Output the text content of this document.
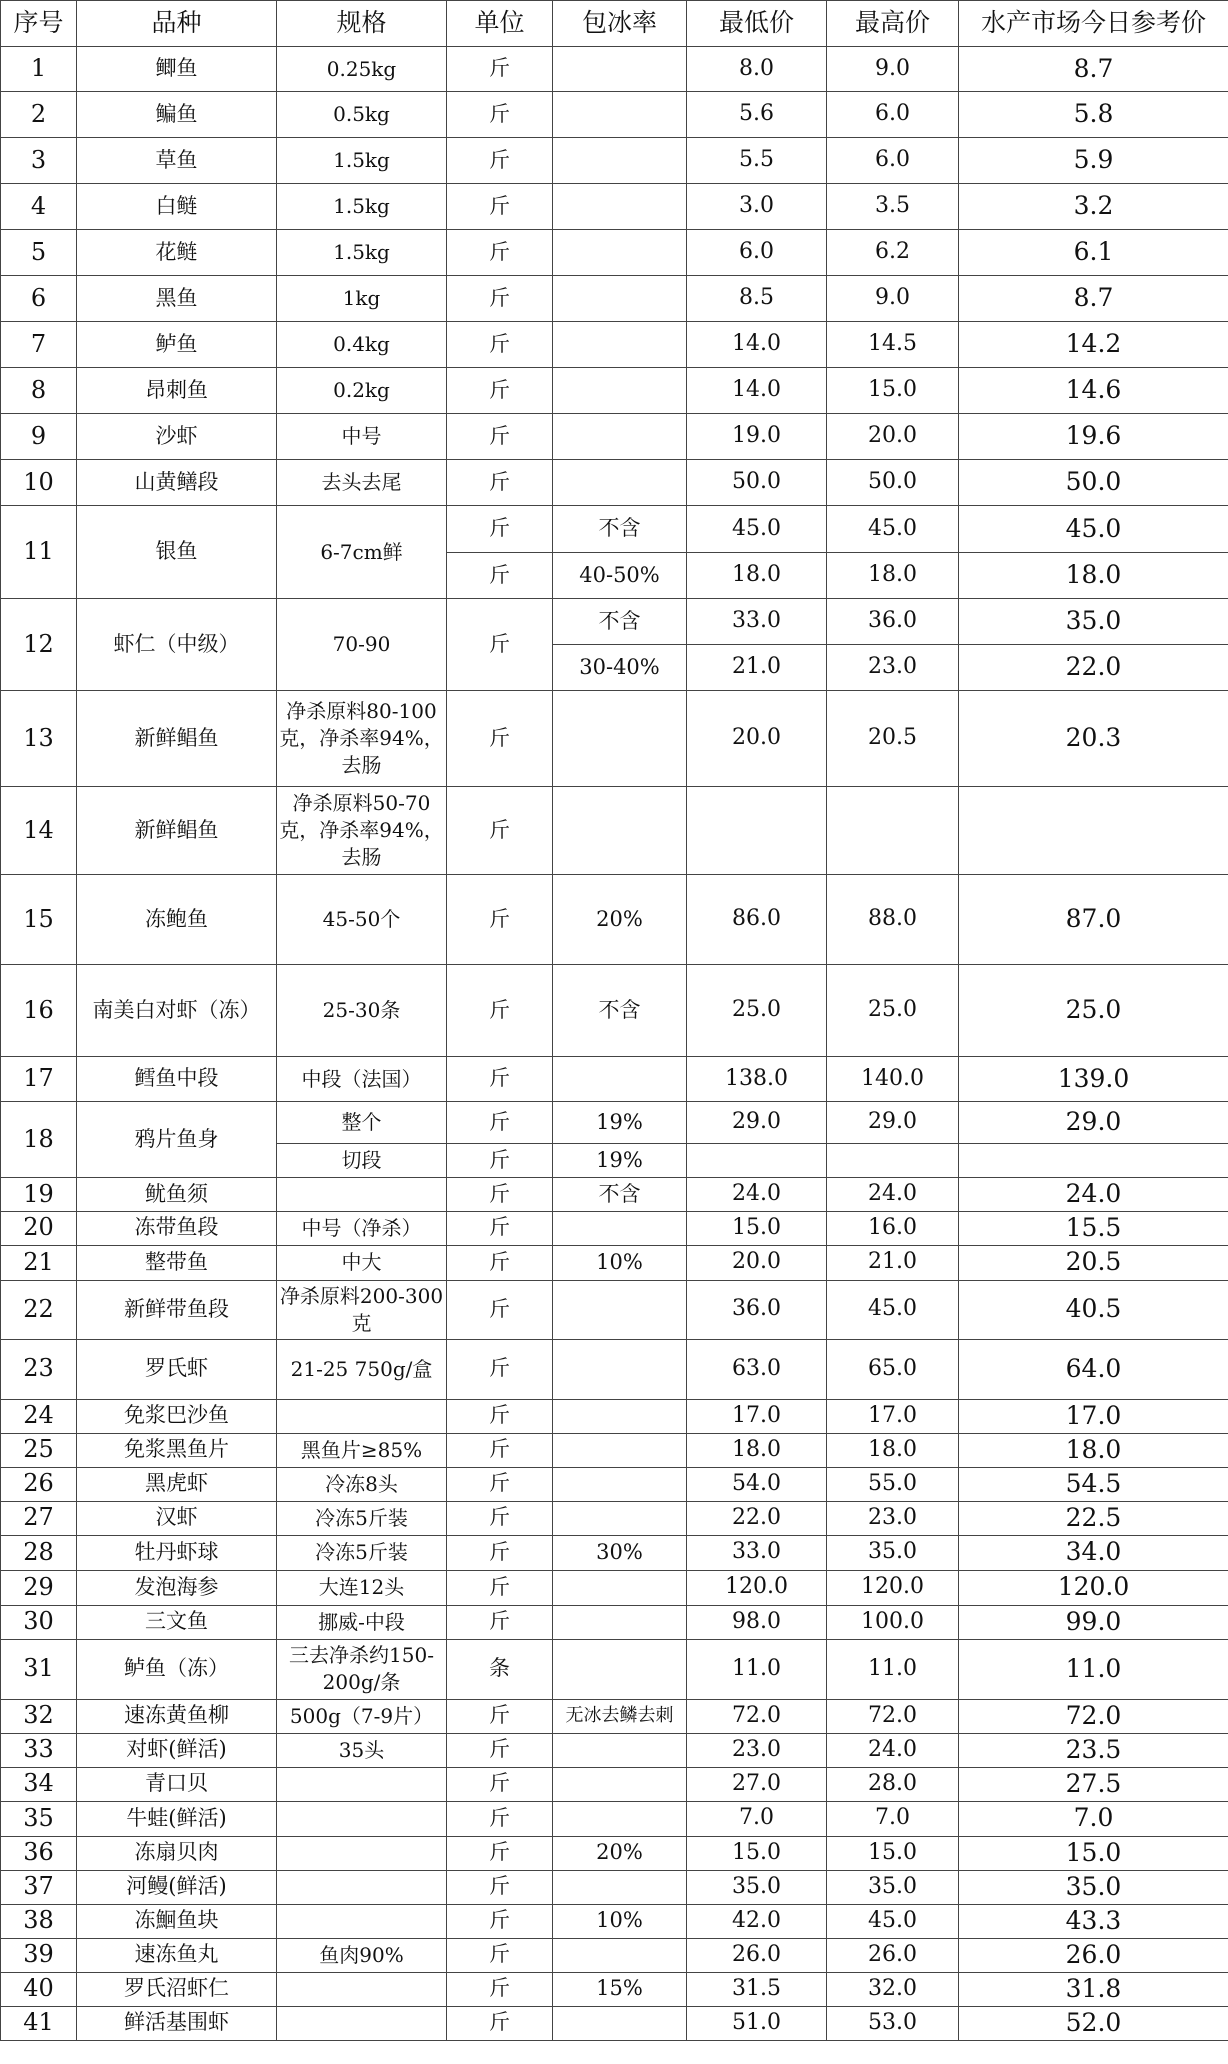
序号	品种	规格	单位	包冰率	最低价	最高价	水产市场今日参考价
1	鲫鱼	0.25kg	斤		8.0	9.0	8.7
2	鳊鱼	0.5kg	斤		5.6	6.0	5.8
3	草鱼	1.5kg	斤		5.5	6.0	5.9
4	白鲢	1.5kg	斤		3.0	3.5	3.2
5	花鲢	1.5kg	斤		6.0	6.2	6.1
6	黑鱼	1kg	斤		8.5	9.0	8.7
7	鲈鱼	0.4kg	斤		14.0	14.5	14.2
8	昂刺鱼	0.2kg	斤		14.0	15.0	14.6
9	沙虾	中号	斤		19.0	20.0	19.6
10	山黄鳝段	去头去尾	斤		50.0	50.0	50.0
11	银鱼	6-7cm鲜	斤	不含	45.0	45.0	45.0
			斤	40-50%	18.0	18.0	18.0
12	虾仁（中级）	70-90	斤	不含	33.0	36.0	35.0
				30-40%	21.0	23.0	22.0
13	新鲜鲳鱼	净杀原料80-100克，净杀率94%，去肠	斤		20.0	20.5	20.3
14	新鲜鲳鱼	净杀原料50-70克，净杀率94%，去肠	斤				
15	冻鲍鱼	45-50个	斤	20%	86.0	88.0	87.0
16	南美白对虾（冻）	25-30条	斤	不含	25.0	25.0	25.0
17	鳕鱼中段	中段（法国）	斤		138.0	140.0	139.0
18	鸦片鱼身	整个	斤	19%	29.0	29.0	29.0
		切段	斤	19%			
19	鱿鱼须		斤	不含	24.0	24.0	24.0
20	冻带鱼段	中号（净杀）	斤		15.0	16.0	15.5
21	整带鱼	中大	斤	10%	20.0	21.0	20.5
22	新鲜带鱼段	净杀原料200-300克	斤		36.0	45.0	40.5
23	罗氏虾	21-25 750g/盒	斤		63.0	65.0	64.0
24	免浆巴沙鱼		斤		17.0	17.0	17.0
25	免浆黑鱼片	黑鱼片≥85%	斤		18.0	18.0	18.0
26	黑虎虾	冷冻8头	斤		54.0	55.0	54.5
27	汉虾	冷冻5斤装	斤		22.0	23.0	22.5
28	牡丹虾球	冷冻5斤装	斤	30%	33.0	35.0	34.0
29	发泡海参	大连12头	斤		120.0	120.0	120.0
30	三文鱼	挪威-中段	斤		98.0	100.0	99.0
31	鲈鱼（冻）	三去净杀约150-200g/条	条		11.0	11.0	11.0
32	速冻黄鱼柳	500g（7-9片）	斤	无冰去鳞去刺	72.0	72.0	72.0
33	对虾(鲜活)	35头	斤		23.0	24.0	23.5
34	青口贝		斤		27.0	28.0	27.5
35	牛蛙(鲜活)		斤		7.0	7.0	7.0
36	冻扇贝肉		斤	20%	15.0	15.0	15.0
37	河鳗(鲜活)		斤		35.0	35.0	35.0
38	冻鮰鱼块		斤	10%	42.0	45.0	43.3
39	速冻鱼丸	鱼肉90%	斤		26.0	26.0	26.0
40	罗氏沼虾仁		斤	15%	31.5	32.0	31.8
41	鲜活基围虾		斤		51.0	53.0	52.0
